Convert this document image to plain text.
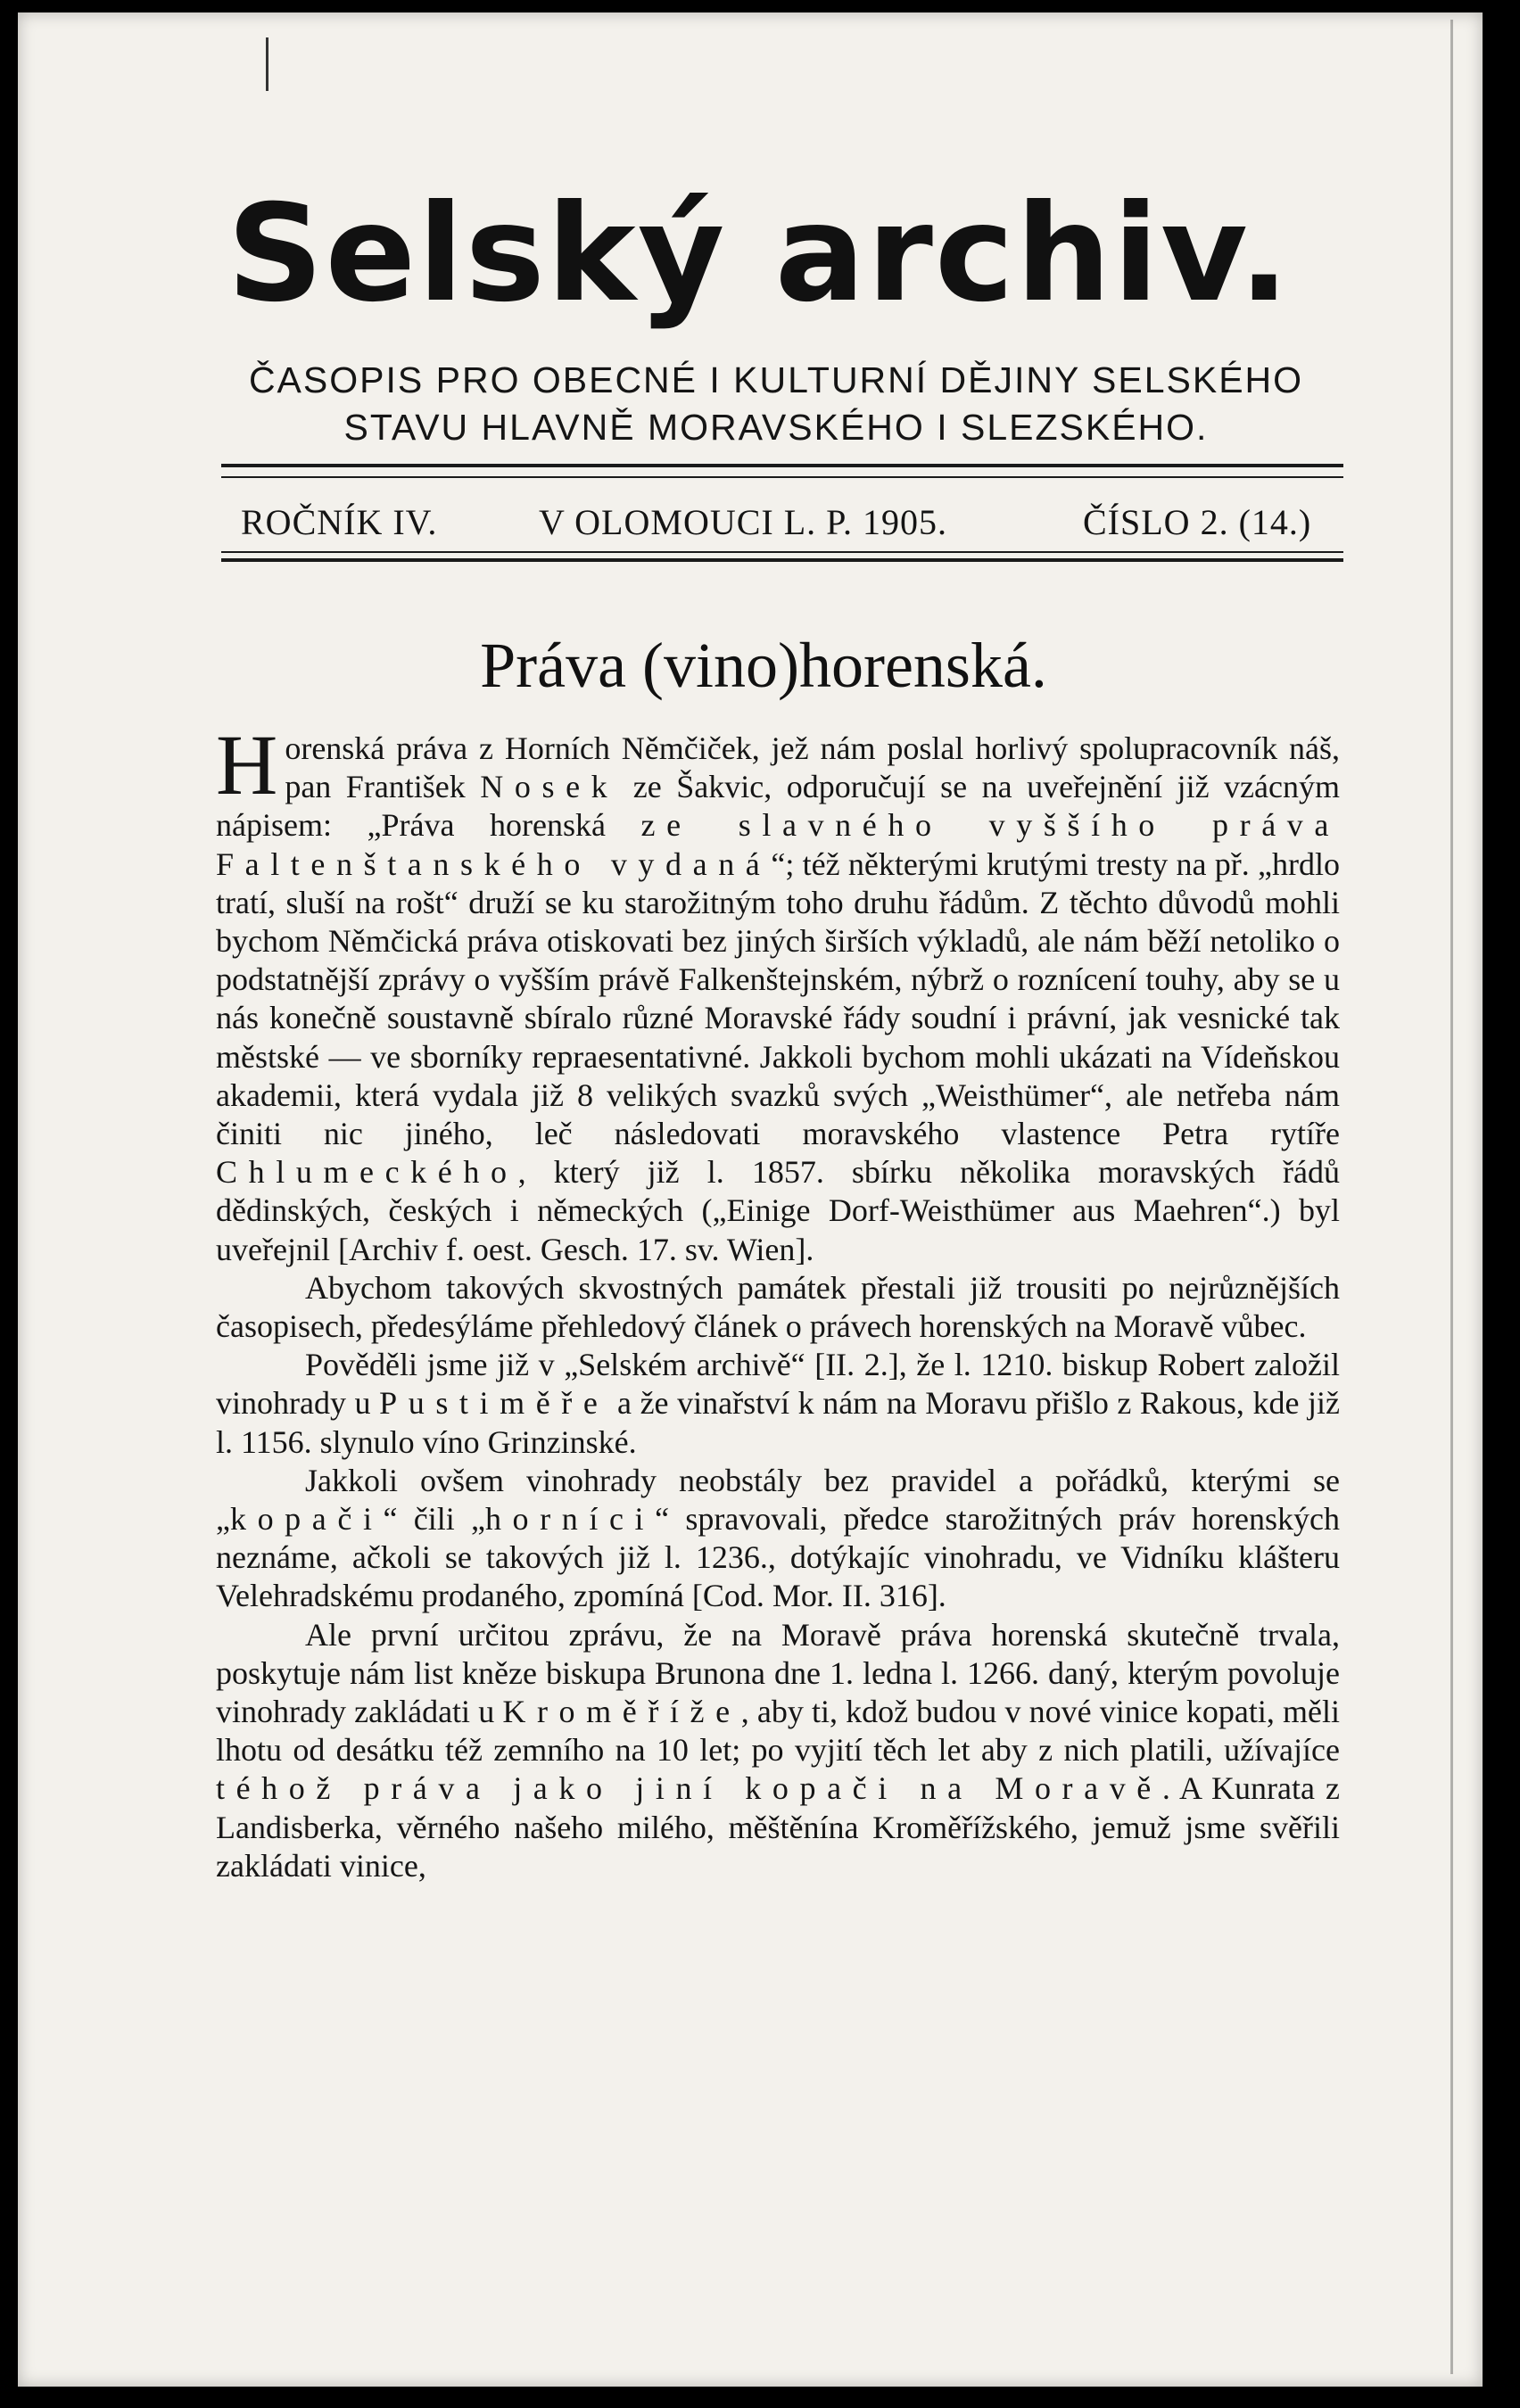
Selský archiv.
ČASOPIS PRO OBECNÉ I KULTURNÍ DĚJINY SELSKÉHO
STAVU HLAVNĚ MORAVSKÉHO I SLEZSKÉHO.
ROČNÍK IV.	V OLOMOUCI L. P. 1905.	ČÍSLO 2. (14.)
Práva (vino)horenská.

Horenská práva z Horních Němčiček, jež nám poslal horlivý spolupracovník náš, pan František Nosek ze Šakvic, odporučují se na uveřejnění již vzácným nápisem: „Práva horenská ze slavného vyššího práva Faltenštanského vydaná“; též některými krutými tresty na př. „hrdlo tratí, sluší na rošt“ druží se ku starožitným toho druhu řádům. Z těchto důvodů mohli bychom Němčická práva otiskovati bez jiných širších výkladů, ale nám běží netoliko o podstatnější zprávy o vyšším právě Falkenštejnském, nýbrž o roznícení touhy, aby se u nás konečně soustavně sbíralo různé Moravské řády soudní i právní, jak vesnické tak městské — ve sborníky repraesentativné. Jakkoli bychom mohli ukázati na Vídeňskou akademii, která vydala již 8 velikých svazků svých „Weisthümer“, ale netřeba nám činiti nic jiného, leč následovati moravského vlastence Petra rytíře Chlumeckého, který již l. 1857. sbírku několika moravských řádů dědinských, českých i německých („Einige Dorf-Weisthümer aus Maehren“.) byl uveřejnil [Archiv f. oest. Gesch. 17. sv. Wien].

Abychom takových skvostných památek přestali již trousiti po nejrůznějších časopisech, předesýláme přehledový článek o právech horenských na Moravě vůbec.

Pověděli jsme již v „Selském archivě“ [II. 2.], že l. 1210. biskup Robert založil vinohrady u Pustiměře a že vinařství k nám na Moravu přišlo z Rakous, kde již l. 1156. slynulo víno Grinzinské.

Jakkoli ovšem vinohrady neobstály bez pravidel a pořádků, kterými se „kopači“ čili „horníci“ spravovali, předce starožitných práv horenských neznáme, ačkoli se takových již l. 1236., dotýkajíc vinohradu, ve Vidníku klášteru Velehradskému prodaného, zpomíná [Cod. Mor. II. 316].

Ale první určitou zprávu, že na Moravě práva horenská skutečně trvala, poskytuje nám list kněze biskupa Brunona dne 1. ledna l. 1266. daný, kterým povoluje vinohrady zakládati u Kroměříže, aby ti, kdož budou v nové vinice kopati, měli lhotu od desátku též zemního na 10 let; po vyjití těch let aby z nich platili, užívajíce téhož práva jako jiní kopači na Moravě. A Kunrata z Landisberka, věrného našeho milého, měštěnína Kroměřížského, jemuž jsme svěřili zakládati vinice,
